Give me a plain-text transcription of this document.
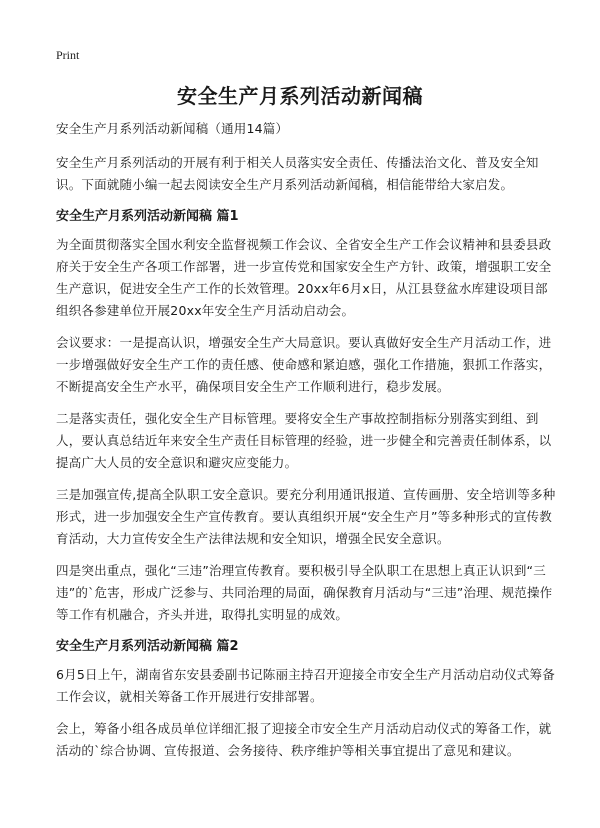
Print
安全生产月系列活动新闻稿

安全生产月系列活动新闻稿（通用14篇）

安全生产月系列活动的开展有利于相关人员落实安全责任、传播法治文化、普及安全知识。下面就随小编一起去阅读安全生产月系列活动新闻稿，相信能带给大家启发。

安全生产月系列活动新闻稿 篇1

为全面贯彻落实全国水利安全监督视频工作会议、全省安全生产工作会议精神和县委县政府关于安全生产各项工作部署，进一步宣传党和国家安全生产方针、政策，增强职工安全生产意识，促进安全生产工作的长效管理。20xx年6月x日，从江县登盆水库建设项目部组织各参建单位开展20xx年安全生产月活动启动会。

会议要求：一是提高认识，增强安全生产大局意识。要认真做好安全生产月活动工作，进一步增强做好安全生产工作的责任感、使命感和紧迫感，强化工作措施，狠抓工作落实，不断提高安全生产水平，确保项目安全生产工作顺利进行，稳步发展。

二是落实责任，强化安全生产目标管理。要将安全生产事故控制指标分别落实到组、到人，要认真总结近年来安全生产责任目标管理的经验，进一步健全和完善责任制体系，以提高广大人员的安全意识和避灾应变能力。

三是加强宣传,提高全队职工安全意识。要充分利用通讯报道、宣传画册、安全培训等多种形式，进一步加强安全生产宣传教育。要认真组织开展“安全生产月”等多种形式的宣传教育活动，大力宣传安全生产法律法规和安全知识，增强全民安全意识。

四是突出重点，强化“三违”治理宣传教育。要积极引导全队职工在思想上真正认识到“三违”的`危害，形成广泛参与、共同治理的局面，确保教育月活动与“三违”治理、规范操作等工作有机融合，齐头并进，取得扎实明显的成效。

安全生产月系列活动新闻稿 篇2

6月5日上午，湖南省东安县委副书记陈丽主持召开迎接全市安全生产月活动启动仪式筹备工作会议，就相关筹备工作开展进行安排部署。

会上，筹备小组各成员单位详细汇报了迎接全市安全生产月活动启动仪式的筹备工作，就活动的`综合协调、宣传报道、会务接待、秩序维护等相关事宜提出了意见和建议。
